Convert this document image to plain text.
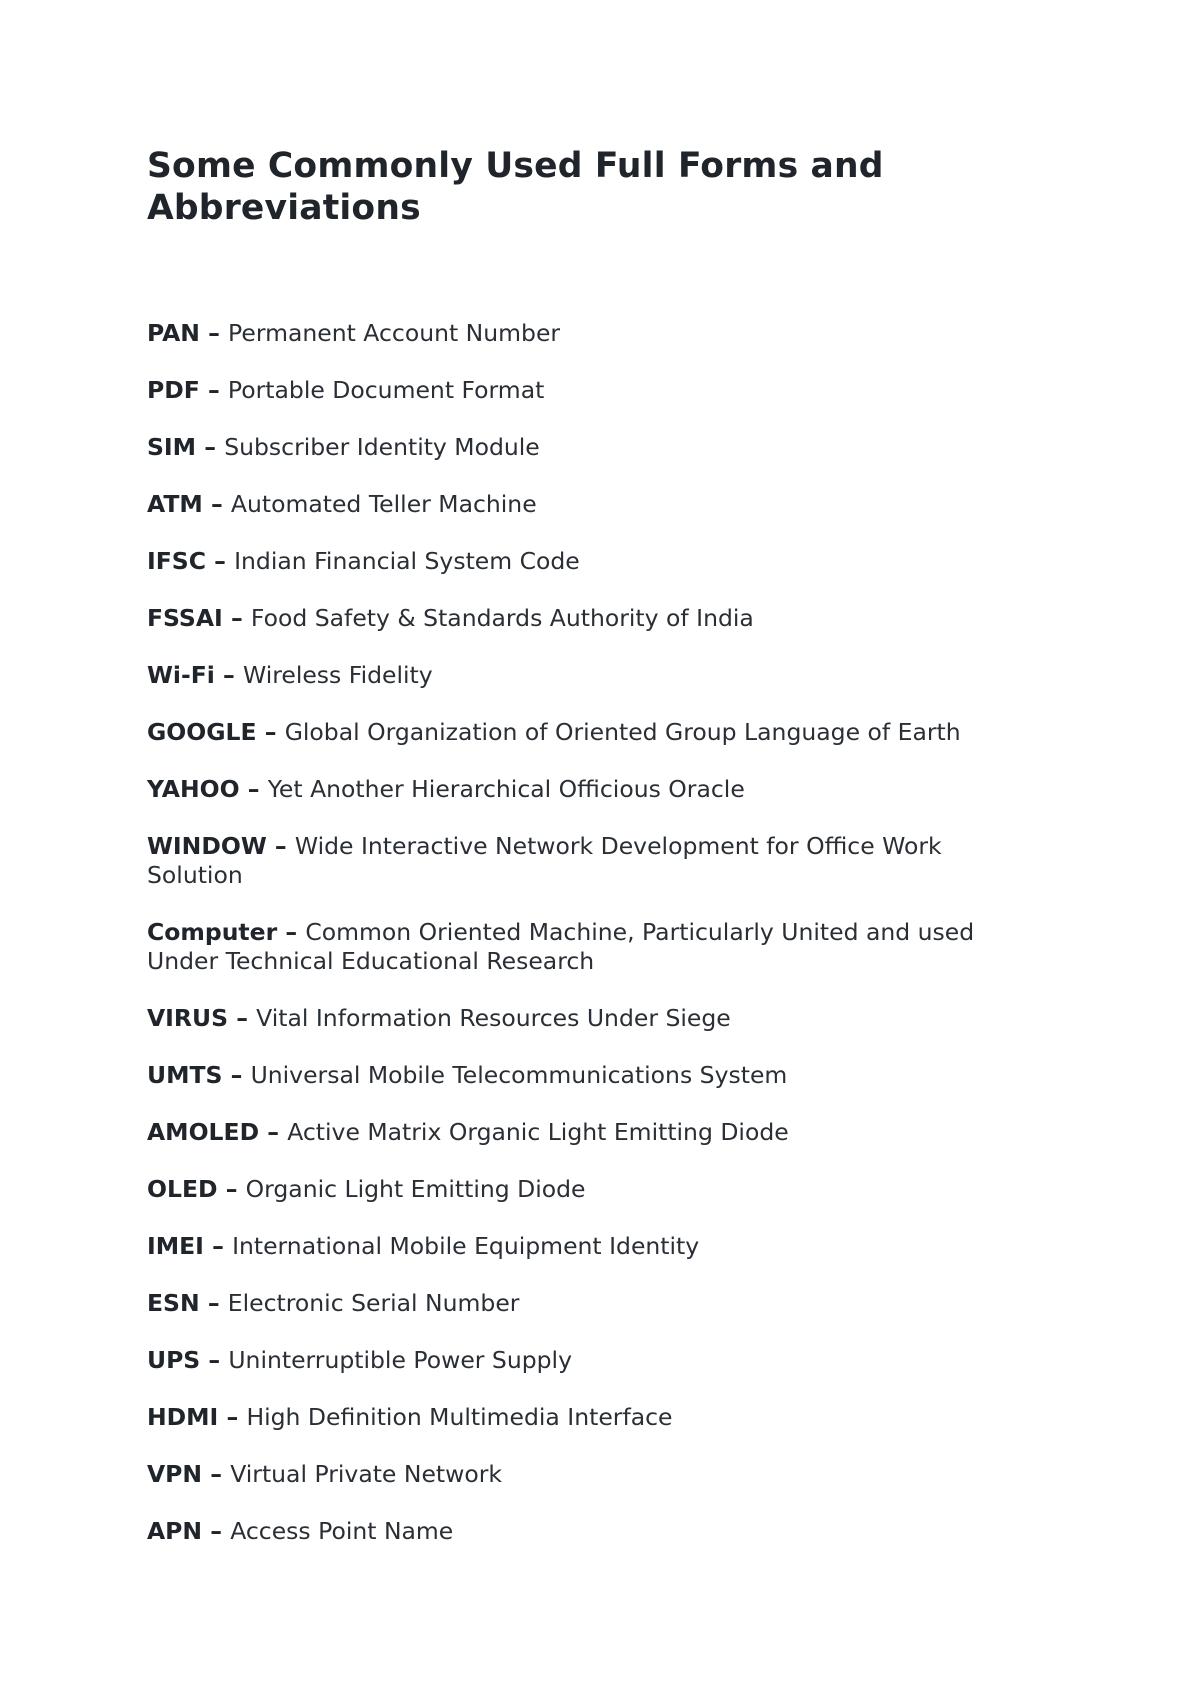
Some Commonly Used Full Forms and Abbreviations

PAN – Permanent Account Number

PDF – Portable Document Format

SIM – Subscriber Identity Module

ATM – Automated Teller Machine

IFSC – Indian Financial System Code

FSSAI – Food Safety & Standards Authority of India

Wi-Fi – Wireless Fidelity

GOOGLE – Global Organization of Oriented Group Language of Earth

YAHOO – Yet Another Hierarchical Officious Oracle

WINDOW – Wide Interactive Network Development for Office Work Solution

Computer – Common Oriented Machine, Particularly United and used Under Technical Educational Research

VIRUS – Vital Information Resources Under Siege

UMTS – Universal Mobile Telecommunications System

AMOLED – Active Matrix Organic Light Emitting Diode

OLED – Organic Light Emitting Diode

IMEI – International Mobile Equipment Identity

ESN – Electronic Serial Number

UPS – Uninterruptible Power Supply

HDMI – High Definition Multimedia Interface

VPN – Virtual Private Network

APN – Access Point Name
